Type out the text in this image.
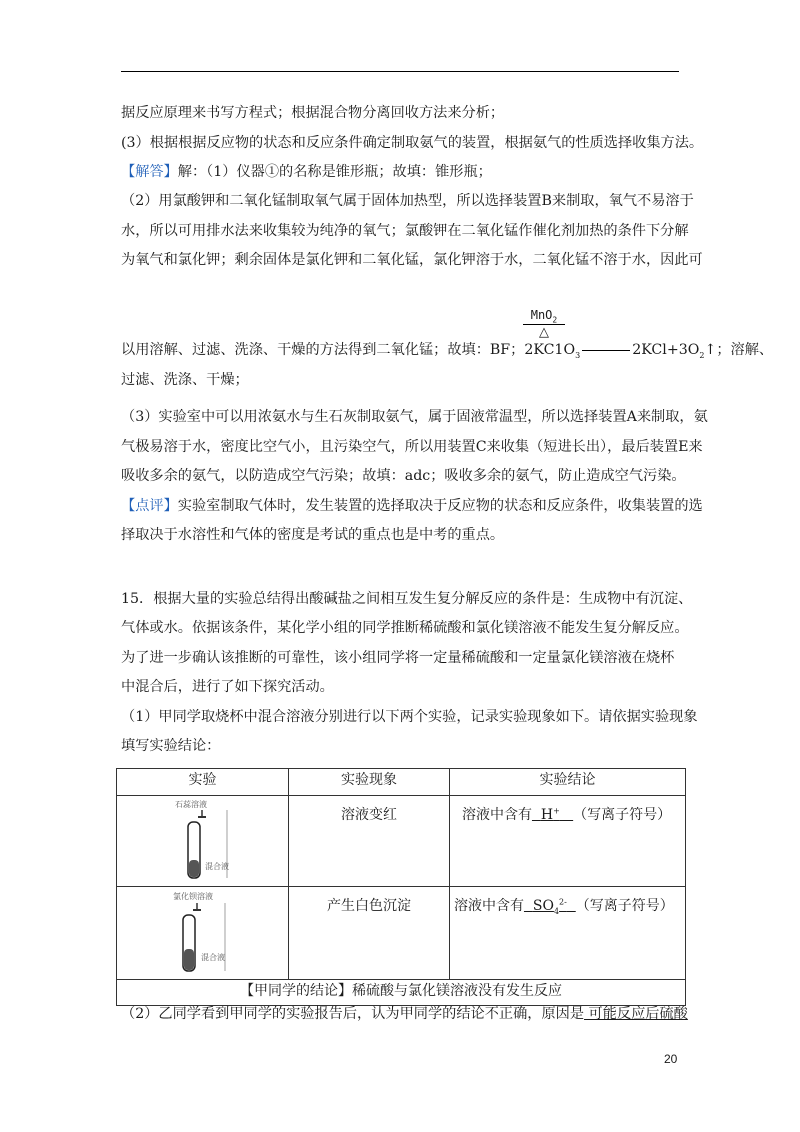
据反应原理来书写方程式；根据混合物分离回收方法来分析；
(3）根据根据反应物的状态和反应条件确定制取氨气的装置，根据氨气的性质选择收集方法。
【解答】解：（1）仪器①的名称是锥形瓶；故填：锥形瓶；
（2）用氯酸钾和二氧化锰制取氧气属于固体加热型，所以选择装置B来制取，氧气不易溶于
水，所以可用排水法来收集较为纯净的氧气；氯酸钾在二氧化锰作催化剂加热的条件下分解
为氧气和氯化钾；剩余固体是氯化钾和二氧化锰，氯化钾溶于水，二氧化锰不溶于水，因此可
MnO$_2$
△
以用溶解、过滤、洗涤、干燥的方法得到二氧化锰；故填：BF；$2KC1O_3$	$2KCl+3O_2↑$；溶解、
过滤、洗涤、干燥；
（3）实验室中可以用浓氨水与生石灰制取氨气，属于固液常温型，所以选择装置A来制取，氨
气极易溶于水，密度比空气小，且污染空气，所以用装置C来收集（短进长出），最后装置E来
吸收多余的氨气，以防造成空气污染；故填：adc；吸收多余的氨气，防止造成空气污染。
【点评】实验室制取气体时，发生装置的选择取决于反应物的状态和反应条件，收集装置的选
择取决于水溶性和气体的密度是考试的重点也是中考的重点。
15．根据大量的实验总结得出酸碱盐之间相互发生复分解反应的条件是：生成物中有沉淀、
气体或水。依据该条件，某化学小组的同学推断稀硫酸和氯化镁溶液不能发生复分解反应。
为了进一步确认该推断的可靠性，该小组同学将一定量稀硫酸和一定量氯化镁溶液在烧杯
中混合后，进行了如下探究活动。
（1）甲同学取烧杯中混合溶液分别进行以下两个实验，记录实验现象如下。请依据实验现象
填写实验结论：
实验	实验现象	实验结论

石蕊溶液
混合液	溶液变红	溶液中含有 H+ （写离子符号）

氯化钡溶液
混合液	产生白色沉淀	溶液中含有 $SO_4^{2-}$ （写离子符号）

【甲同学的结论】稀硫酸与氯化镁溶液没有发生反应		
（2）乙同学看到甲同学的实验报告后，认为甲同学的结论不正确，原因是 可能反应后硫酸
20
